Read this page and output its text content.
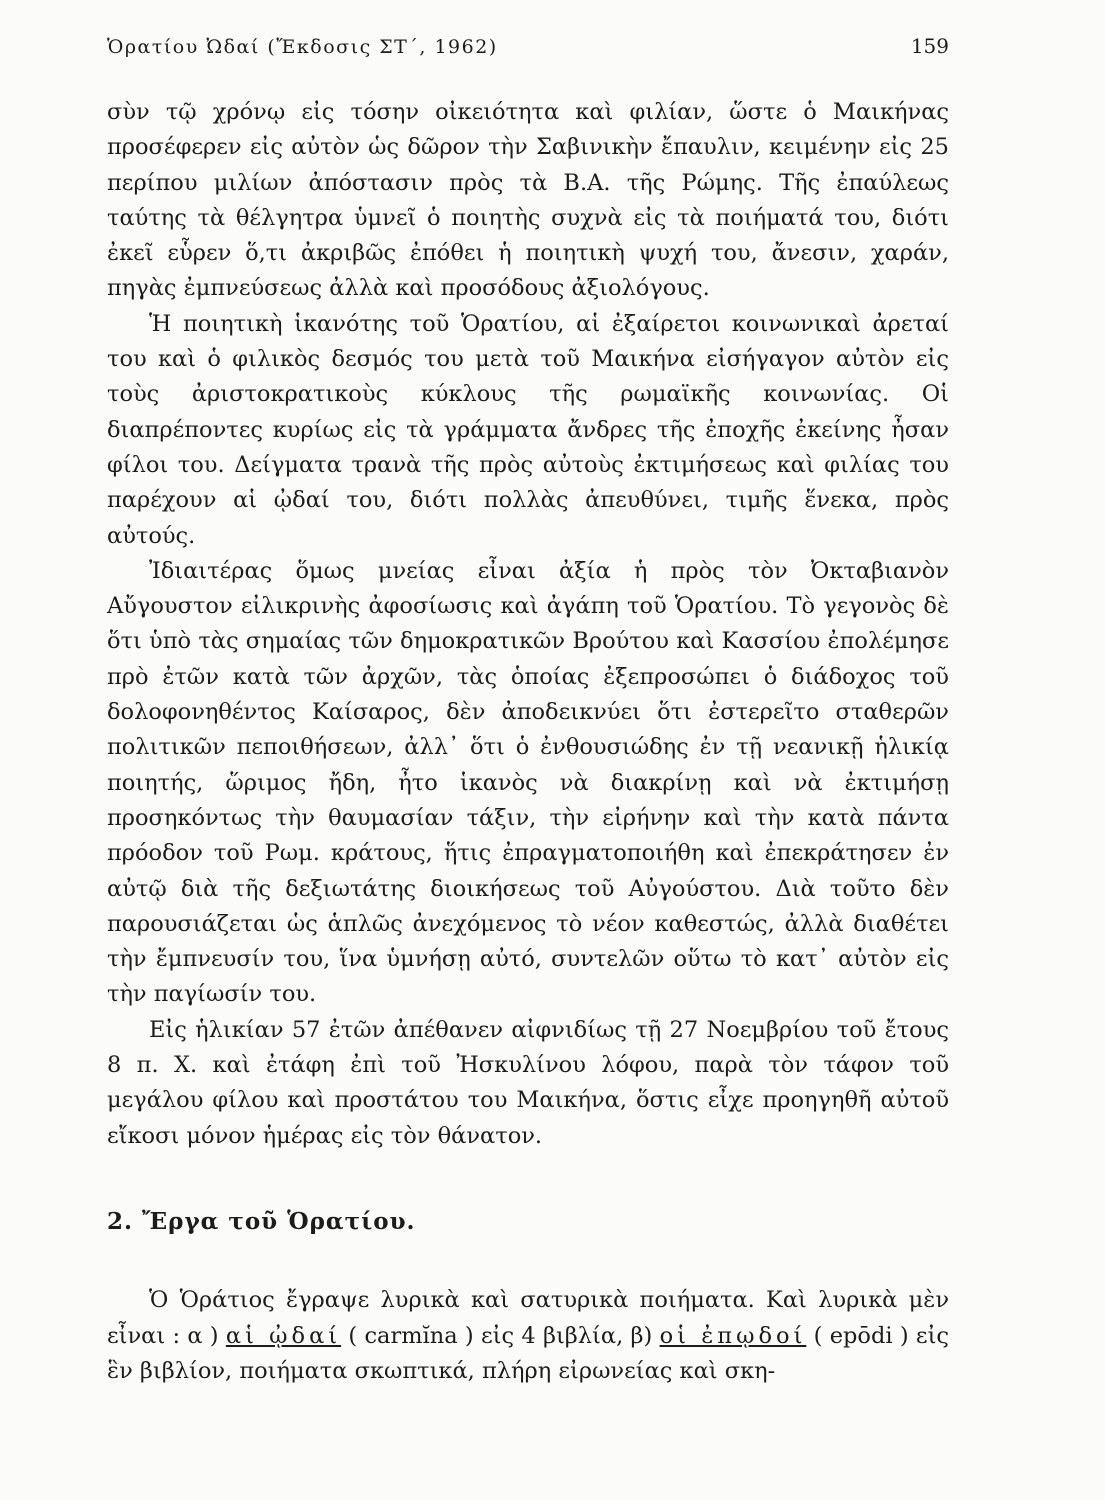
Ὁρατίου Ὠδαί (Ἔκδοσις ΣΤ΄, 1962)	159

σὺν τῷ χρόνῳ εἰς τόσην οἰκειότητα καὶ φιλίαν, ὥστε ὁ Μαικήνας προσέφερεν εἰς αὐτὸν ὡς δῶρον τὴν Σαβινικὴν ἔπαυλιν, κειμένην εἰς 25 περίπου μιλίων ἀπόστασιν πρὸς τὰ Β.Α. τῆς Ρώμης. Τῆς ἐπαύλεως ταύτης τὰ θέλγητρα ὑμνεῖ ὁ ποιητὴς συχνὰ εἰς τὰ ποιήματά του, διότι ἐκεῖ εὗρεν ὅ,τι ἀκριβῶς ἐπόθει ἡ ποιητικὴ ψυχή του, ἄνεσιν, χαράν, πηγὰς ἐμπνεύσεως ἀλλὰ καὶ προσόδους ἀξιολόγους.

Ἡ ποιητικὴ ἱκανότης τοῦ Ὁρατίου, αἱ ἐξαίρετοι κοινωνικαὶ ἀρεταί του καὶ ὁ φιλικὸς δεσμός του μετὰ τοῦ Μαικήνα εἰσήγαγον αὐτὸν εἰς τοὺς ἀριστοκρατικοὺς κύκλους τῆς ρωμαϊκῆς κοινωνίας. Οἱ διαπρέποντες κυρίως εἰς τὰ γράμματα ἄνδρες τῆς ἐποχῆς ἐκείνης ἦσαν φίλοι του. Δείγματα τρανὰ τῆς πρὸς αὐτοὺς ἐκτιμήσεως καὶ φιλίας του παρέχουν αἱ ᾠδαί του, διότι πολλὰς ἀπευθύνει, τιμῆς ἕνεκα, πρὸς αὐτούς.

Ἰδιαιτέρας ὅμως μνείας εἶναι ἀξία ἡ πρὸς τὸν Ὀκταβιανὸν Αὔγουστον εἰλικρινὴς ἀφοσίωσις καὶ ἀγάπη τοῦ Ὁρατίου. Τὸ γεγονὸς δὲ ὅτι ὑπὸ τὰς σημαίας τῶν δημοκρατικῶν Βρούτου καὶ Κασσίου ἐπολέμησε πρὸ ἐτῶν κατὰ τῶν ἀρχῶν, τὰς ὁποίας ἐξεπροσώπει ὁ διάδοχος τοῦ δολοφονηθέντος Καίσαρος, δὲν ἀποδεικνύει ὅτι ἐστερεῖτο σταθερῶν πολιτικῶν πεποιθήσεων, ἀλλ᾽ ὅτι ὁ ἐνθουσιώδης ἐν τῇ νεανικῇ ἡλικίᾳ ποιητής, ὥριμος ἤδη, ἦτο ἱκανὸς νὰ διακρίνῃ καὶ νὰ ἐκτιμήσῃ προσηκόντως τὴν θαυμασίαν τάξιν, τὴν εἰρήνην καὶ τὴν κατὰ πάντα πρόοδον τοῦ Ρωμ. κράτους, ἥτις ἐπραγματοποιήθη καὶ ἐπεκράτησεν ἐν αὐτῷ διὰ τῆς δεξιωτάτης διοικήσεως τοῦ Αὐγούστου. Διὰ τοῦτο δὲν παρουσιάζεται ὡς ἁπλῶς ἀνεχόμενος τὸ νέον καθεστώς, ἀλλὰ διαθέτει τὴν ἔμπνευσίν του, ἵνα ὑμνήσῃ αὐτό, συντελῶν οὕτω τὸ κατ᾽ αὐτὸν εἰς τὴν παγίωσίν του.

Εἰς ἡλικίαν 57 ἐτῶν ἀπέθανεν αἰφνιδίως τῇ 27 Νοεμβρίου τοῦ ἔτους 8 π. Χ. καὶ ἐτάφη ἐπὶ τοῦ Ἠσκυλίνου λόφου, παρὰ τὸν τάφον τοῦ μεγάλου φίλου καὶ προστάτου του Μαικήνα, ὅστις εἶχε προηγηθῆ αὐτοῦ εἴκοσι μόνον ἡμέρας εἰς τὸν θάνατον.

2. Ἔργα τοῦ Ὁρατίου.

Ὁ Ὁράτιος ἔγραψε λυρικὰ καὶ σατυρικὰ ποιήματα. Καὶ λυρικὰ μὲν εἶναι : α ) αἱ ᾠδαί ( carmĭna ) εἰς 4 βιβλία, β) οἱ ἐπῳδοί ( epōdi ) εἰς ἓν βιβλίον, ποιήματα σκωπτικά, πλήρη εἰρωνείας καὶ σκη-
